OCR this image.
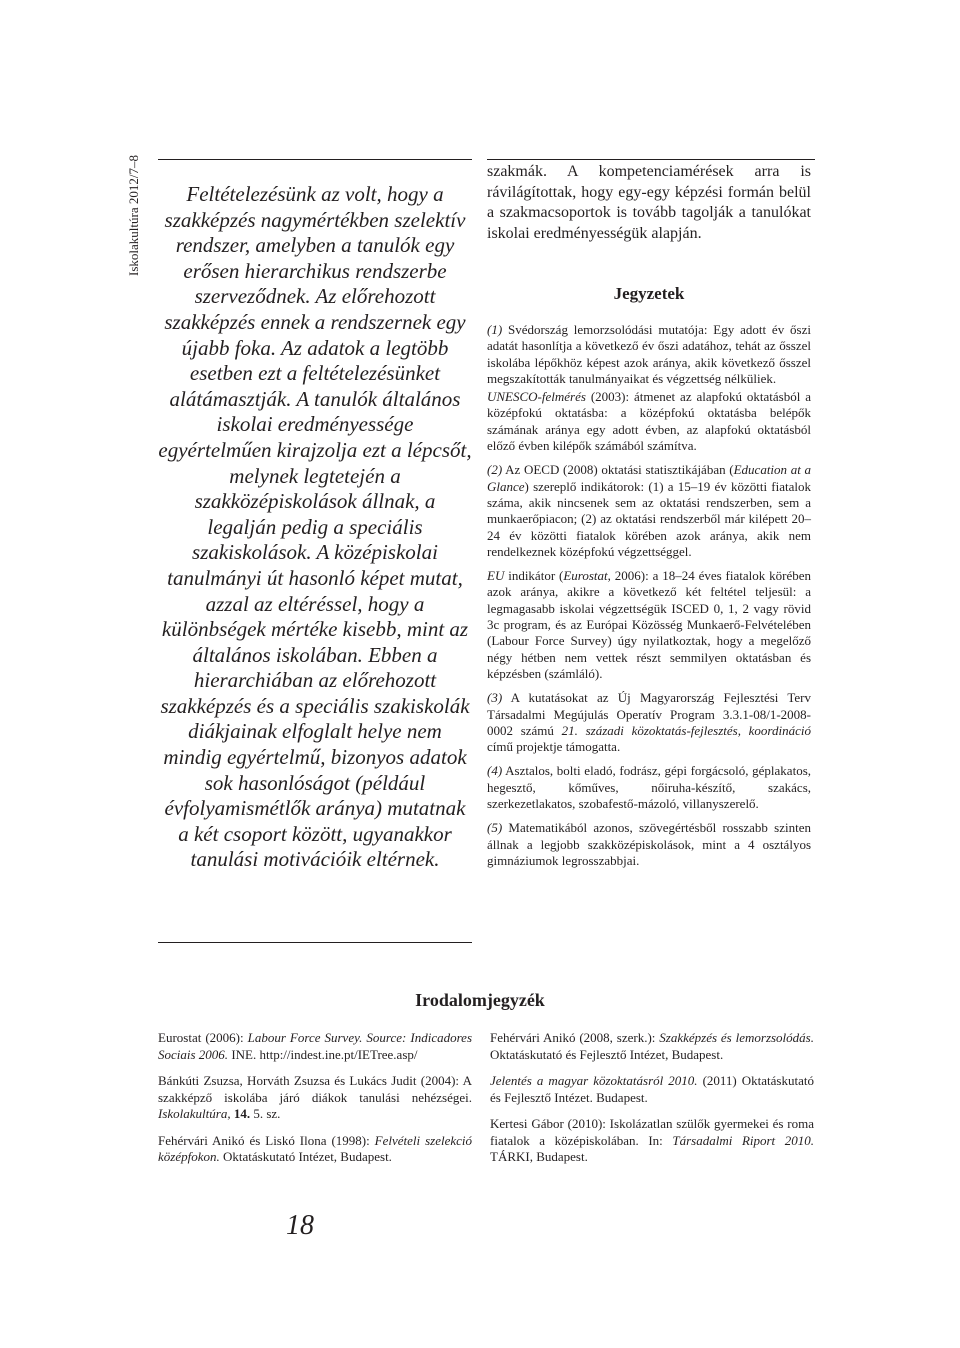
Iskolakultúra 2012/7–8	Feltételezésünk az volt, hogy a szakképzés nagymértékben szelektív rendszer, amelyben a tanulók egy erősen hierarchikus rendszerbe szerveződnek. Az előrehozott szakképzés ennek a rendszernek egy újabb foka. Az adatok a legtöbb esetben ezt a feltételezésünket alátámasztják. A tanulók általános iskolai eredményessége egyértelműen kirajzolja ezt a lépcsőt, melynek legtetején a szakközépiskolások állnak, a legalján pedig a speciális szakiskolások. A középiskolai tanulmányi út hasonló képet mutat, azzal az eltéréssel, hogy a különbségek mértéke kisebb, mint az általános iskolában. Ebben a hierarchiában az előrehozott szakképzés és a speciális szakiskolák diákjainak elfoglalt helye nem mindig egyértelmű, bizonyos adatok sok hasonlóságot (például évfolyamismétlők aránya) mutatnak a két csoport között, ugyanakkor tanulási motivációik eltérnek.

szakmák. A kompetenciamérések arra is rávilágítottak, hogy egy-egy képzési formán belül a szakmacsoportok is tovább tagolják a tanulókat iskolai eredményességük alapján.

Jegyzetek

(1) Svédország lemorzsolódási mutatója: Egy adott év őszi adatát hasonlítja a következő év őszi adatához, tehát az ősszel iskolába lépőkhöz képest azok aránya, akik következő ősszel megszakították tanulmányaikat és végzettség nélküliek.

UNESCO-felmérés (2003): átmenet az alapfokú oktatásból a középfokú oktatásba: a középfokú oktatásba belépők számának aránya egy adott évben, az alapfokú oktatásból előző évben kilépők számából számítva.

(2) Az OECD (2008) oktatási statisztikájában (Education at a Glance) szereplő indikátorok: (1) a 15–19 év közötti fiatalok száma, akik nincsenek sem az oktatási rendszerben, sem a munkaerőpiacon; (2) az oktatási rendszerből már kilépett 20–24 év közötti fiatalok körében azok aránya, akik nem rendelkeznek középfokú végzettséggel.

EU indikátor (Eurostat, 2006): a 18–24 éves fiatalok körében azok aránya, akikre a következő két feltétel teljesül: a legmagasabb iskolai végzettségük ISCED 0, 1, 2 vagy rövid 3c program, és az Európai Közösség Munkaerő-Felvételében (Labour Force Survey) úgy nyilatkoztak, hogy a megelőző négy hétben nem vettek részt semmilyen oktatásban és képzésben (számláló).

(3) A kutatásokat az Új Magyarország Fejlesztési Terv Társadalmi Megújulás Operatív Program 3.3.1-08/1-2008-0002 számú 21. századi közoktatás-fejlesztés, koordináció című projektje támogatta.

(4) Asztalos, bolti eladó, fodrász, gépi forgácsoló, géplakatos, hegesztő, kőműves, nőiruha-készítő, szakács, szerkezetlakatos, szobafestő-mázoló, villanyszerelő.

(5) Matematikából azonos, szövegértésből rosszabb szinten állnak a legjobb szakközépiskolások, mint a 4 osztályos gimnáziumok legrosszabbjai.

Irodalomjegyzék

Eurostat (2006): Labour Force Survey. Source: Indicadores Sociais 2006. INE. http://indest.ine.pt/IETree.asp/

Bánkúti Zsuzsa, Horváth Zsuzsa és Lukács Judit (2004): A szakképző iskolába járó diákok tanulási nehézségei. Iskolakultúra, 14. 5. sz.

Fehérvári Anikó és Liskó Ilona (1998): Felvételi szelekció középfokon. Oktatáskutató Intézet, Budapest.

Fehérvári Anikó (2008, szerk.): Szakképzés és lemorzsolódás. Oktatáskutató és Fejlesztő Intézet, Budapest.

Jelentés a magyar közoktatásról 2010. (2011) Oktatáskutató és Fejlesztő Intézet. Budapest.

Kertesi Gábor (2010): Iskolázatlan szülők gyermekei és roma fiatalok a középiskolában. In: Társadalmi Riport 2010. TÁRKI, Budapest.

18
